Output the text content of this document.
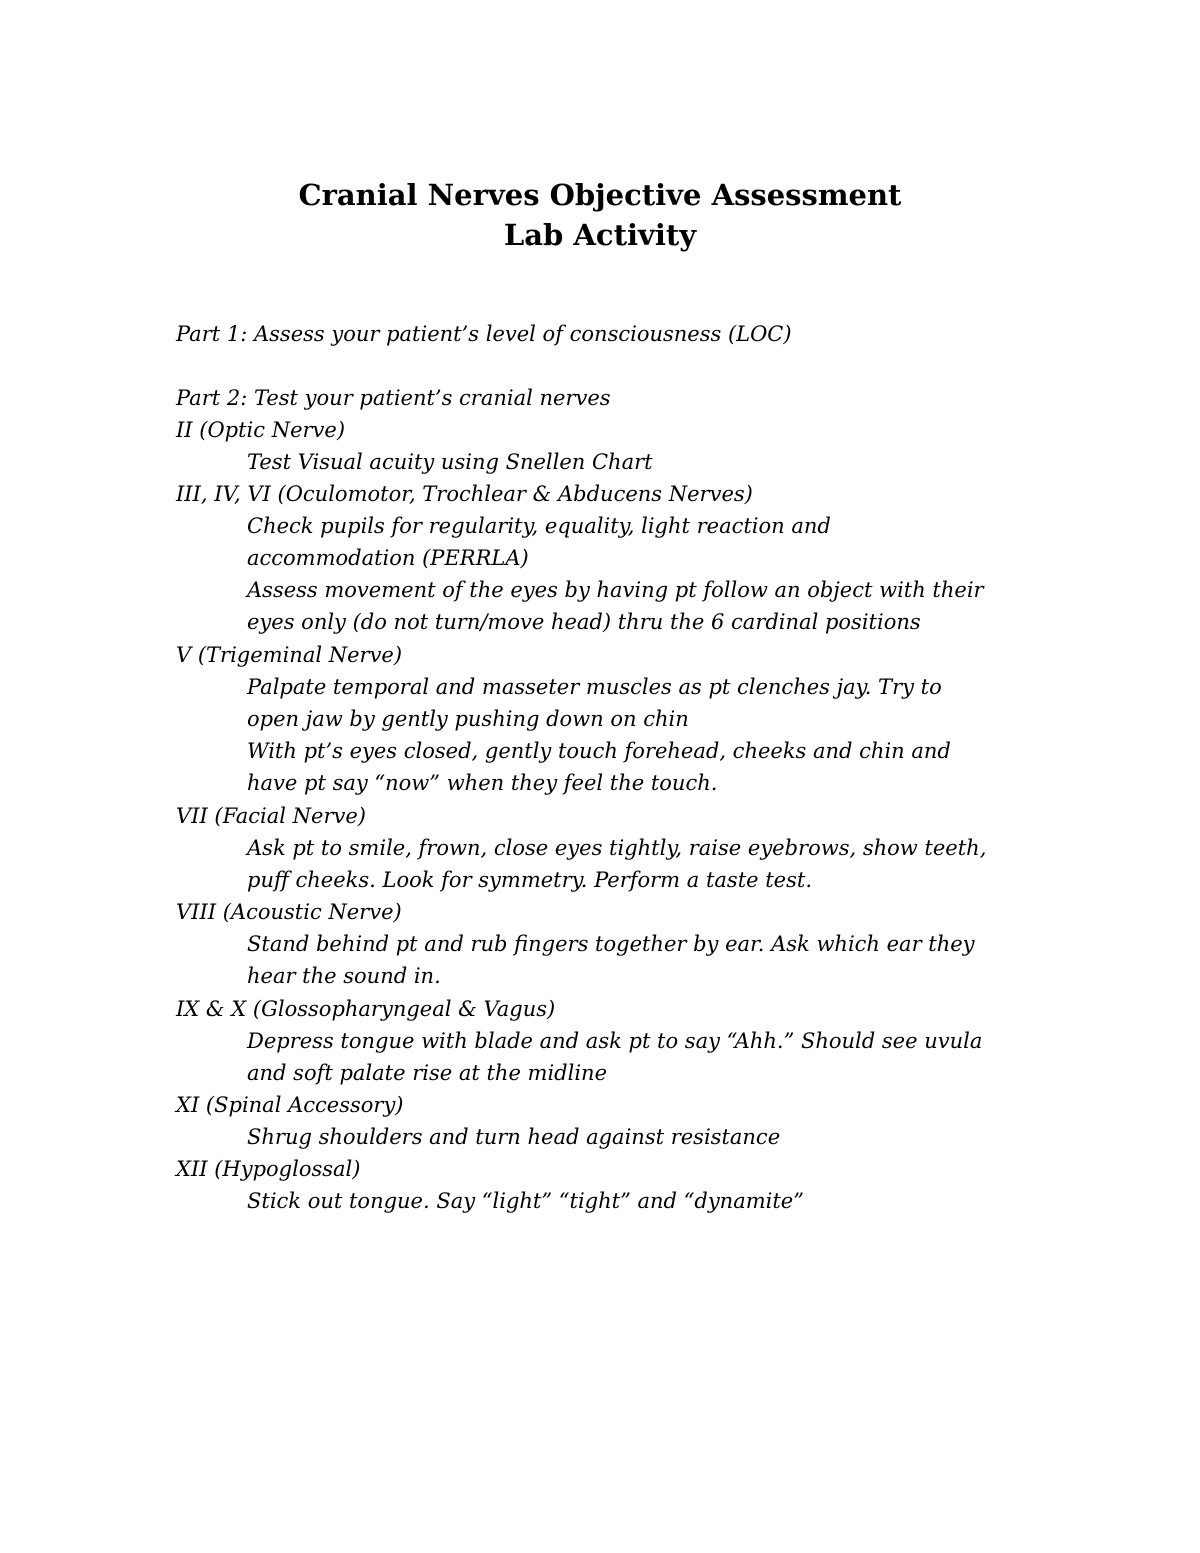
Cranial Nerves Objective Assessment
Lab Activity
Part 1: Assess your patient’s level of consciousness (LOC)
Part 2: Test your patient’s cranial nerves
II (Optic Nerve)
Test Visual acuity using Snellen Chart
III, IV, VI (Oculomotor, Trochlear & Abducens Nerves)
Check pupils for regularity, equality, light reaction and
accommodation (PERRLA)
Assess movement of the eyes by having pt follow an object with their
eyes only (do not turn/move head) thru the 6 cardinal positions
V (Trigeminal Nerve)
Palpate temporal and masseter muscles as pt clenches jay. Try to
open jaw by gently pushing down on chin
With pt’s eyes closed, gently touch forehead, cheeks and chin and
have pt say “now” when they feel the touch.
VII (Facial Nerve)
Ask pt to smile, frown, close eyes tightly, raise eyebrows, show teeth,
puff cheeks. Look for symmetry. Perform a taste test.
VIII (Acoustic Nerve)
Stand behind pt and rub fingers together by ear. Ask which ear they
hear the sound in.
IX & X (Glossopharyngeal & Vagus)
Depress tongue with blade and ask pt to say “Ahh.” Should see uvula
and soft palate rise at the midline
XI (Spinal Accessory)
Shrug shoulders and turn head against resistance
XII (Hypoglossal)
Stick out tongue. Say “light” “tight” and “dynamite”
